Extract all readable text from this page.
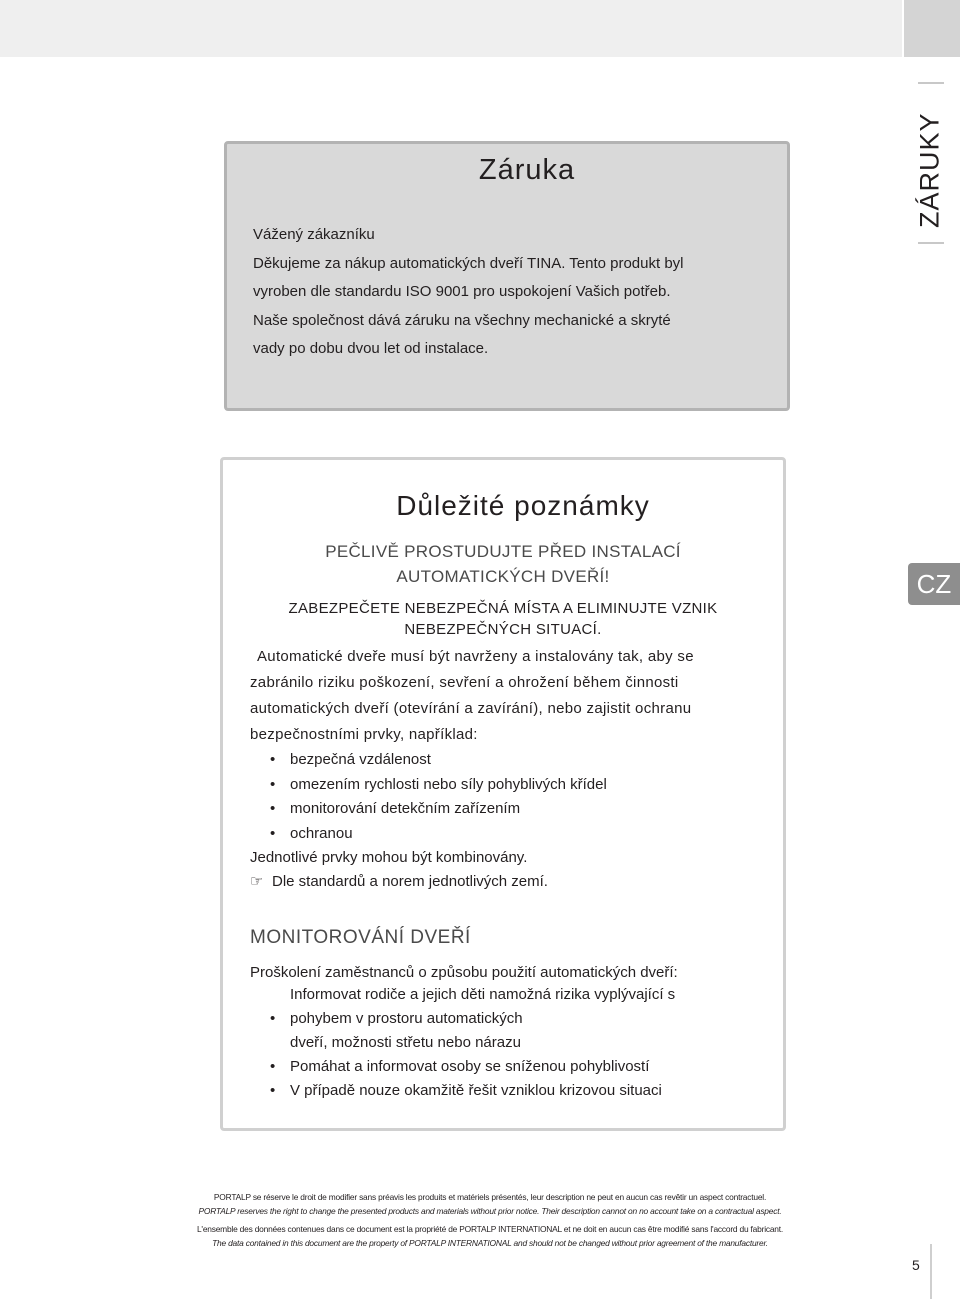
ZÁRUKY
CZ
Záruka
Vážený zákazníku
Děkujeme za nákup automatických dveří TINA. Tento produkt byl
vyroben dle standardu ISO 9001 pro uspokojení Vašich potřeb.
Naše společnost dává záruku na všechny mechanické a skryté
vady po dobu dvou let od instalace.
Důležité poznámky
PEČLIVĚ PROSTUDUJTE PŘED INSTALACÍ
AUTOMATICKÝCH DVEŘÍ!
ZABEZPEČETE NEBEZPEČNÁ MÍSTA A ELIMINUJTE VZNIK
NEBEZPEČNÝCH SITUACÍ.

Automatické dveře musí být navrženy a instalovány tak, aby se

zabránilo riziku poškození, sevření a ohrožení během činnosti

automatických dveří (otevírání a zavírání), nebo zajistit ochranu

bezpečnostními prvky, například:

• bezpečná vzdálenost
• omezením rychlosti nebo síly pohyblivých křídel
• monitorování detekčním zařízením
• ochranou
Jednotlivé prvky mohou být kombinovány.
☞ Dle standardů a norem jednotlivých zemí.
MONITOROVÁNÍ DVEŘÍ
Proškolení zaměstnanců o způsobu použití automatických dveří:
Informovat rodiče a jejich děti namožná rizika vyplývající s
• pohybem v prostoru automatických
dveří, možnosti střetu nebo nárazu
• Pomáhat a informovat osoby se sníženou pohyblivostí
• V případě nouze okamžitě řešit vzniklou krizovou situaci

PORTALP se réserve le droit de modifier sans préavis les produits et matériels présentés, leur description ne peut en aucun cas revêtir un aspect contractuel.

PORTALP reserves the right to change the presented products and materials without prior notice. Their description cannot on no account take on a contractual aspect.

L'ensemble des données contenues dans ce document est la propriété de PORTALP INTERNATIONAL et ne doit en aucun cas être modifié sans l'accord du fabricant.

The data contained in this document are the property of PORTALP INTERNATIONAL and should not be changed without prior agreement of the manufacturer.

5
